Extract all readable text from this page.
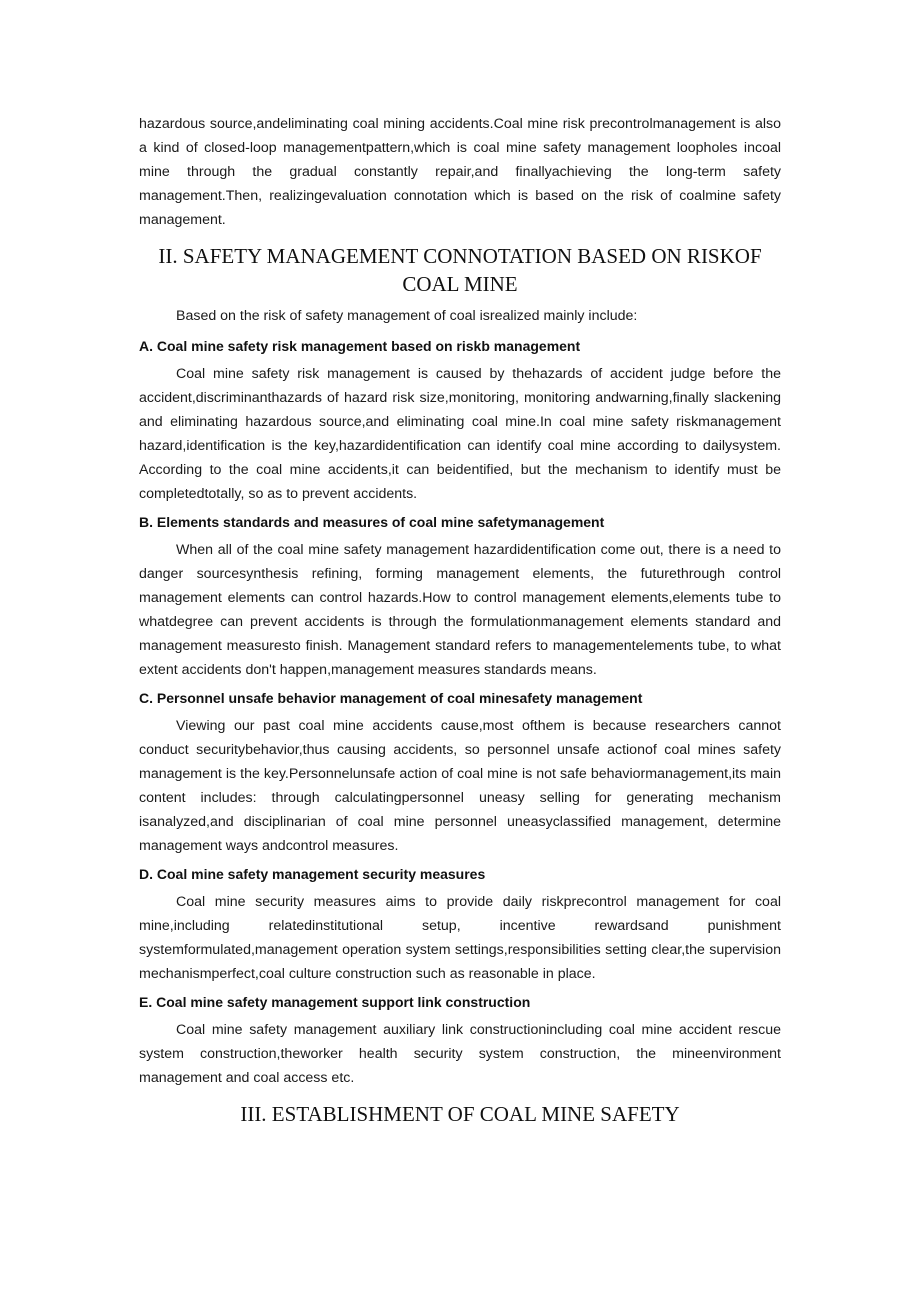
hazardous source,andeliminating coal mining accidents.Coal mine risk precontrolmanagement is also a kind of closed-loop managementpattern,which is coal mine safety management loopholes incoal mine through the gradual constantly repair,and finallyachieving the long-term safety management.Then, realizingevaluation connotation which is based on the risk of coalmine safety management.

II. SAFETY MANAGEMENT CONNOTATION BASED ON RISKOF
COAL MINE

Based on the risk of safety management of coal isrealized mainly include:

A. Coal mine safety risk management based on riskb management

Coal mine safety risk management is caused by thehazards of accident judge before the accident,discriminanthazards of hazard risk size,monitoring, monitoring andwarning,finally slackening and eliminating hazardous source,and eliminating coal mine.In coal mine safety riskmanagement hazard,identification is the key,hazardidentification can identify coal mine according to dailysystem. According to the coal mine accidents,it can beidentified, but the mechanism to identify must be completedtotally, so as to prevent accidents.

B. Elements standards and measures of coal mine safetymanagement

When all of the coal mine safety management hazardidentification come out, there is a need to danger sourcesynthesis refining, forming management elements, the futurethrough control management elements can control hazards.How to control management elements,elements tube to whatdegree can prevent accidents is through the formulationmanagement elements standard and management measuresto finish. Management standard refers to managementelements tube, to what extent accidents don't happen,management measures standards means.

C. Personnel unsafe behavior management of coal minesafety management

Viewing our past coal mine accidents cause,most ofthem is because researchers cannot conduct securitybehavior,thus causing accidents, so personnel unsafe actionof coal mines safety management is the key.Personnelunsafe action of coal mine is not safe behaviormanagement,its main content includes: through calculatingpersonnel uneasy selling for generating mechanism isanalyzed,and disciplinarian of coal mine personnel uneasyclassified management, determine management ways andcontrol measures.

D. Coal mine safety management security measures

Coal mine security measures aims to provide daily riskprecontrol management for coal mine,including relatedinstitutional setup, incentive rewardsand punishment systemformulated,management operation system settings,responsibilities setting clear,the supervision mechanismperfect,coal culture construction such as reasonable in place.

E. Coal mine safety management support link construction

Coal mine safety management auxiliary link constructionincluding coal mine accident rescue system construction,theworker health security system construction, the mineenvironment management and coal access etc.

III. ESTABLISHMENT OF COAL MINE SAFETY
